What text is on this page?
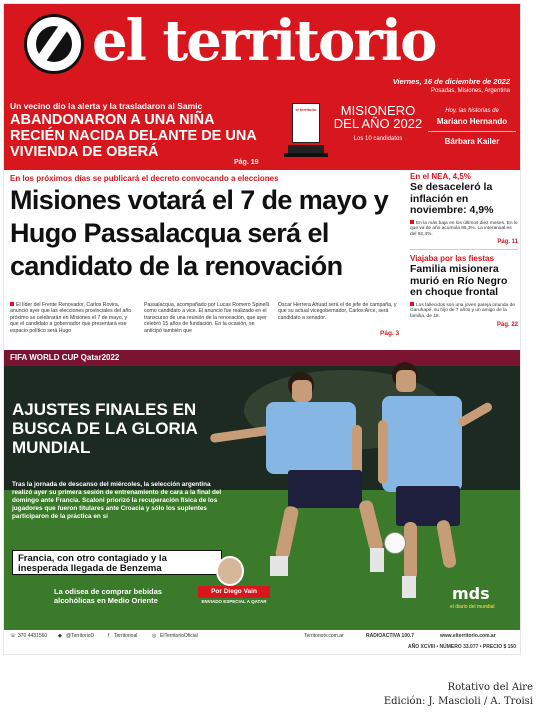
el territorio
Viernes, 16 de diciembre de 2022
Posadas, Misiones, Argentina
Un vecino dio la alerta y la trasladaron al Samic
ABANDONARON A UNA NIÑA RECIÉN NACIDA DELANTE DE UNA VIVIENDA DE OBERÁ
Pág. 19
el territorio	MISIONERO
DEL AÑO 2022
Los 10 candidatos
Hoy, las historias de
Mariano Hernando
Bárbara Kailer
En los próximos días se publicará el decreto convocando a elecciones
Misiones votará el 7 de mayo y Hugo Passalacqua será el candidato de la renovación
El líder del Frente Renovador, Carlos Rovira, anunció ayer que las elecciones provinciales del año próximo se celebrarán en Misiones el 7 de mayo, y que el candidato a gobernador que presentará ese espacio político será Hugo
Passalacqua, acompañado por Lucas Romero Spinelli como candidato a vice. El anuncio fue realizado en el transcurso de una reunión de la renovación, que ayer celebró 15 años de fundación. En la ocasión, se anticipó también que
Oscar Herrera Ahuad será el de jefe de campaña, y que su actual vicegobernador, Carlos Arce, será candidato a senador.
Pág. 3
En el NEA, 4,5%
Se desaceleró la inflación en noviembre: 4,9%
En la más baja en los últimos diez meses. En lo que va de año acumula 85,3%. La interanual es del 92,4%.
Pág. 11
Viajaba por las fiestas
Familia misionera murió en Río Negro en choque frontal
Los fallecidos son una joven pareja oriunda de Garuhapé, su hijo de 7 años y un amigo de la familia, de 18.
Pág. 22
FIFA WORLD CUP Qatar2022
AJUSTES FINALES EN BUSCA DE LA GLORIA MUNDIAL
Tras la jornada de descanso del miércoles, la selección argentina realizó ayer su primera sesión de entrenamiento de cara a la final del domingo ante Francia. Scaloni priorizó la recuperación física de los jugadores que fueron titulares ante Croacia y sólo los suplentes participaron de la práctica en sí
Francia, con otro contagiado y la inesperada llegada de Benzema
La odisea de comprar bebidas alcohólicas en Medio Oriente
Por Diego Vain
ENVIADO ESPECIAL A QATAR	mds
el diario del mundial
☏ 370 4431560 ◆ @TerritorioD	f Territorioal	◎ ElTerritorioOficial	Territoriotv.com.ar	RADIOACTIVA 100.7	www.elterritorio.com.ar
AÑO XCVIII • NÚMERO 33.077 • PRECIO $ 150
Rotativo del Aire
Edición: J. Mascioli / A. Troisi
